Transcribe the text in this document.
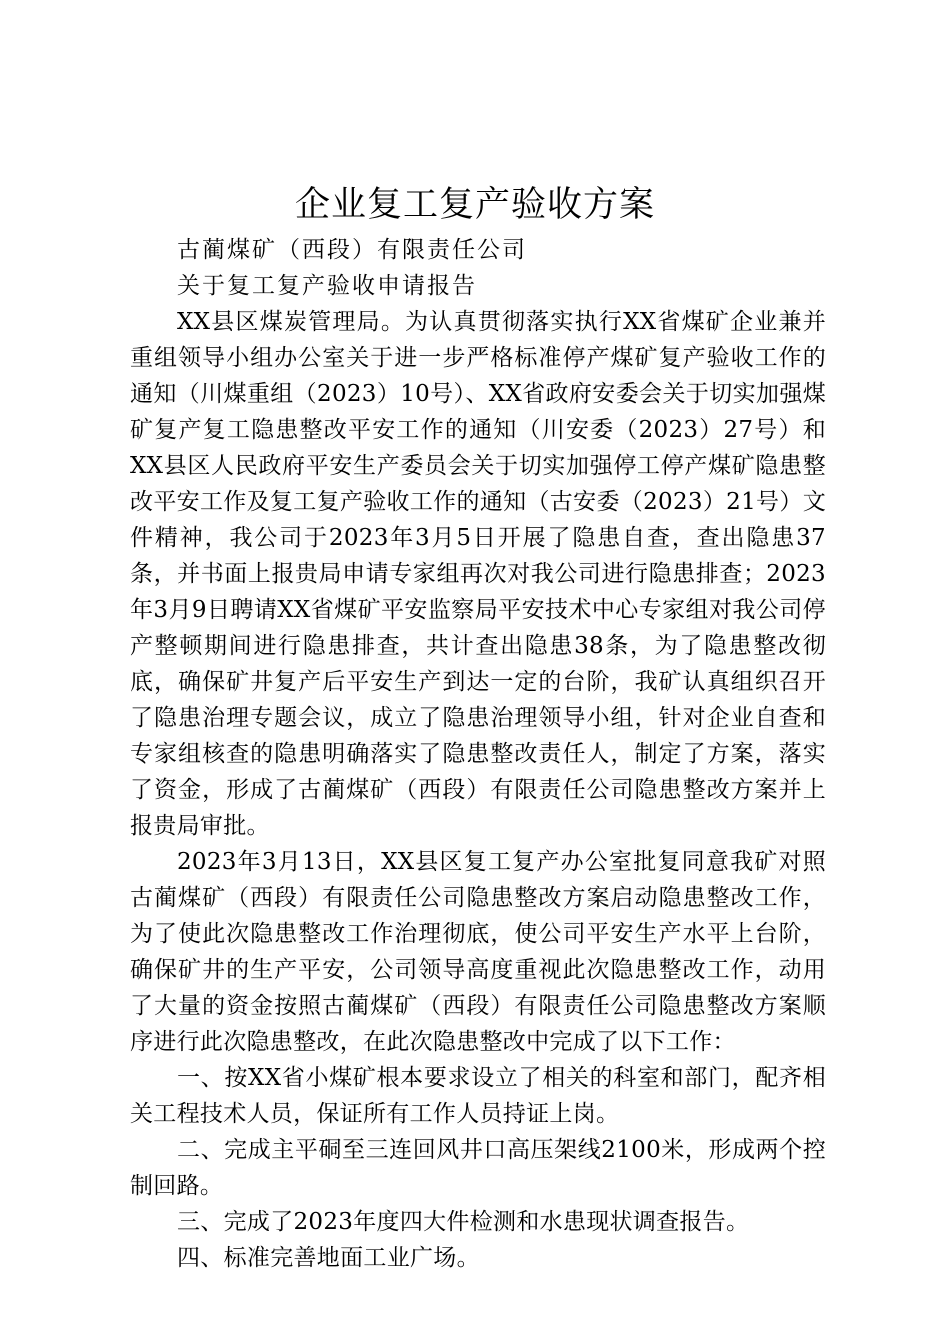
企业复工复产验收方案

古蔺煤矿（西段）有限责任公司

关于复工复产验收申请报告

XX县区煤炭管理局。为认真贯彻落实执行XX省煤矿企业兼并重组领导小组办公室关于进一步严格标准停产煤矿复产验收工作的通知（川煤重组（2023）10号）、XX省政府安委会关于切实加强煤矿复产复工隐患整改平安工作的通知（川安委（2023）27号）和XX县区人民政府平安生产委员会关于切实加强停工停产煤矿隐患整改平安工作及复工复产验收工作的通知（古安委（2023）21号）文件精神，我公司于2023年3月5日开展了隐患自查，查出隐患37条，并书面上报贵局申请专家组再次对我公司进行隐患排查；2023年3月9日聘请XX省煤矿平安监察局平安技术中心专家组对我公司停产整顿期间进行隐患排查，共计查出隐患38条，为了隐患整改彻底，确保矿井复产后平安生产到达一定的台阶，我矿认真组织召开了隐患治理专题会议，成立了隐患治理领导小组，针对企业自查和专家组核查的隐患明确落实了隐患整改责任人，制定了方案，落实了资金，形成了古蔺煤矿（西段）有限责任公司隐患整改方案并上报贵局审批。

2023年3月13日，XX县区复工复产办公室批复同意我矿对照古蔺煤矿（西段）有限责任公司隐患整改方案启动隐患整改工作，为了使此次隐患整改工作治理彻底，使公司平安生产水平上台阶，确保矿井的生产平安，公司领导高度重视此次隐患整改工作，动用了大量的资金按照古蔺煤矿（西段）有限责任公司隐患整改方案顺序进行此次隐患整改，在此次隐患整改中完成了以下工作：

一、按XX省小煤矿根本要求设立了相关的科室和部门，配齐相关工程技术人员，保证所有工作人员持证上岗。

二、完成主平硐至三连回风井口高压架线2100米，形成两个控制回路。

三、完成了2023年度四大件检测和水患现状调查报告。

四、标准完善地面工业广场。
